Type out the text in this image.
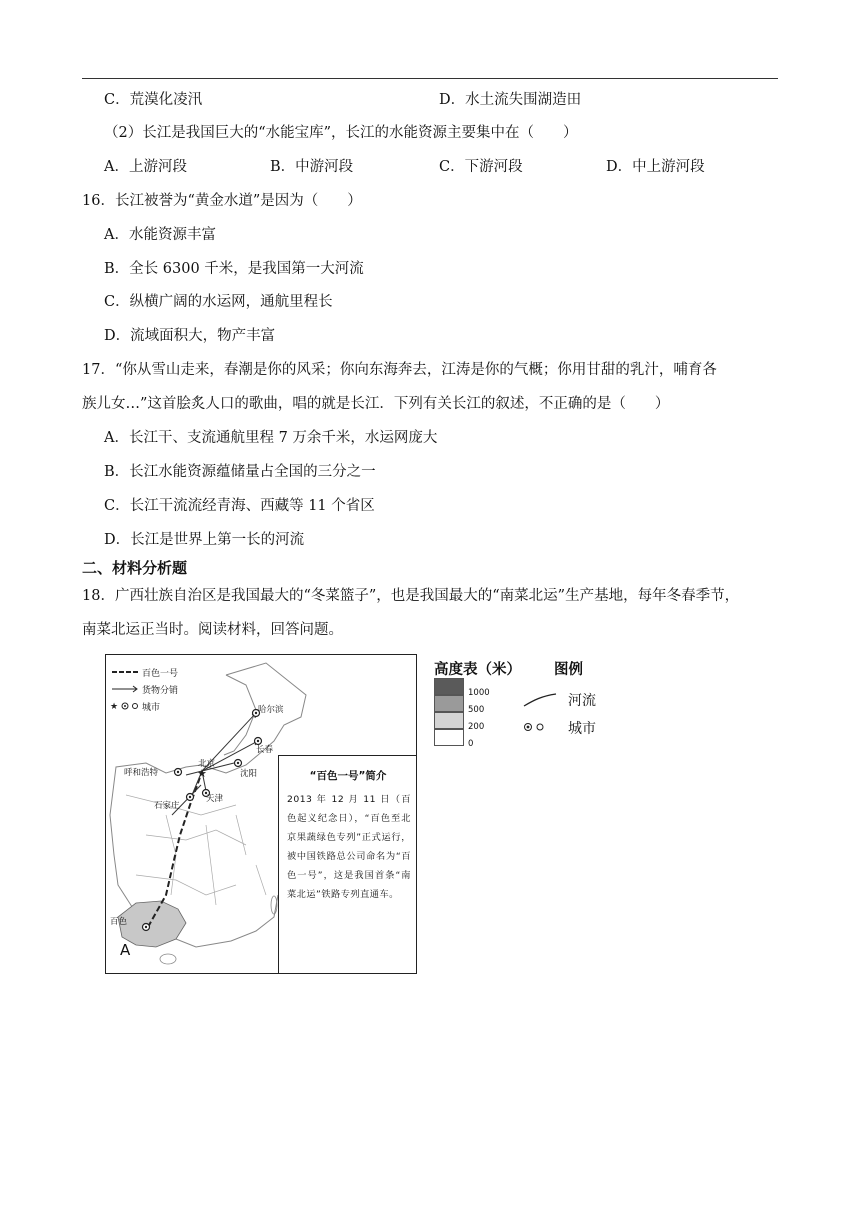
C．荒漠化凌汛	D．水土流失围湖造田
（2）长江是我国巨大的“水能宝库”，长江的水能资源主要集中在（　　）
A．上游河段	B．中游河段	C．下游河段	D．中上游河段
16．长江被誉为“黄金水道”是因为（　　）
A．水能资源丰富
B．全长 6300 千米，是我国第一大河流
C．纵横广阔的水运网，通航里程长
D．流域面积大，物产丰富
17．“你从雪山走来，春潮是你的风采；你向东海奔去，江涛是你的气概；你用甘甜的乳汁，哺育各
族儿女…”这首脍炙人口的歌曲，唱的就是长江．下列有关长江的叙述，不正确的是（　　）
A．长江干、支流通航里程 7 万余千米，水运网庞大
B．长江水能资源蕴储量占全国的三分之一
C．长江干流流经青海、西藏等 11 个省区
D．长江是世界上第一长的河流
二、材料分析题
18．广西壮族自治区是我国最大的“冬菜篮子”，也是我国最大的“南菜北运”生产基地，每年冬春季节，
南菜北运正当时。阅读材料，回答问题。
★
★
百色一号
货物分销
城市	哈尔滨
长春
沈阳
北京
呼和浩特
天津
石家庄
百色
A
“百色一号”简介
2013 年 12 月 11 日（百色起义纪念日），“百色至北京果蔬绿色专列”正式运行，被中国铁路总公司命名为“百色一号”，这是我国首条“南菜北运”铁路专列直通车。
高度表（米） 图例
1000
500
200
0
河流
城市
